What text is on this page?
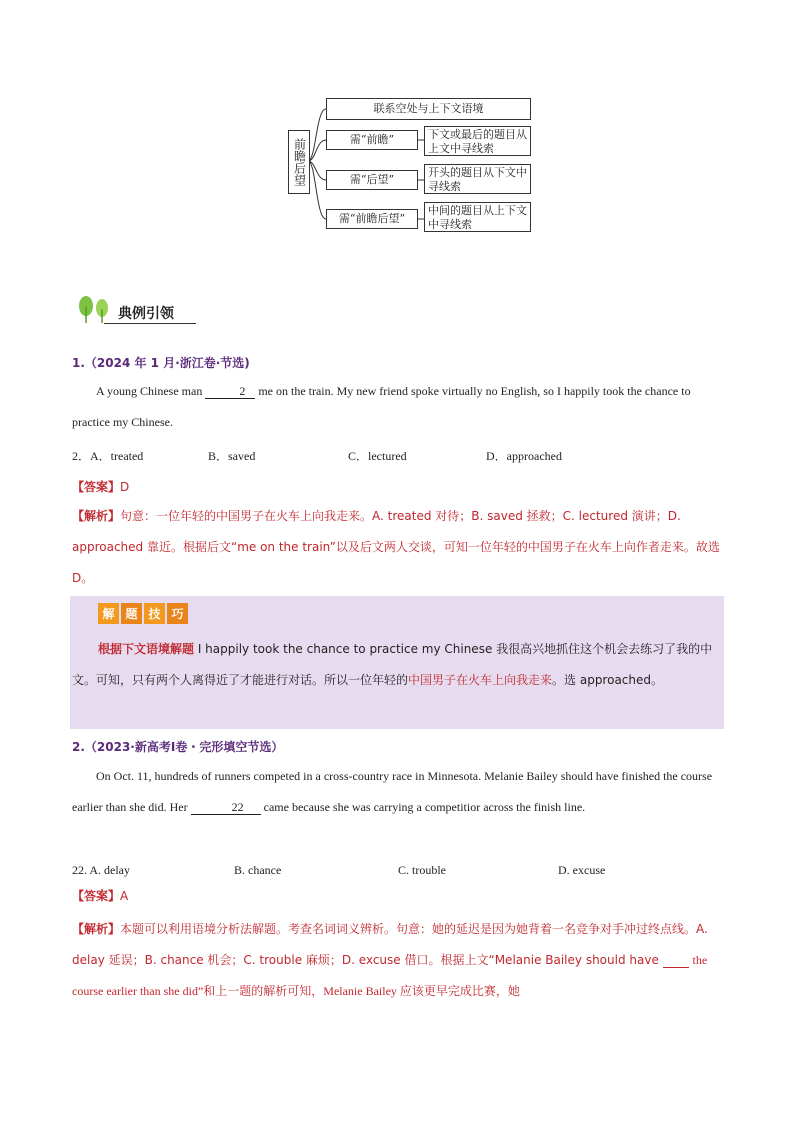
前瞻后望
联系空处与上下文语境
需“前瞻”
需“后望”
需“前瞻后望”
下文或最后的题目从上文中寻线索
开头的题目从下文中寻线索
中间的题目从上下文中寻线索
典例引领
1.（2024 年 1 月·浙江卷·节选)
A young Chinese man	2 me on the train. My new friend spoke virtually no English, so I happily took the chance to practice my Chinese.
2．A．treated	B．saved	C．lectured	D．approached
【答案】D
【解析】句意：一位年轻的中国男子在火车上向我走来。A. treated 对待；B. saved 拯救；C. lectured 演讲；D. approached 靠近。根据后文“me on the train”以及后文两人交谈，可知一位年轻的中国男子在火车上向作者走来。故选 D。
解 题 技 巧
根据下文语境解题 I happily took the chance to practice my Chinese 我很高兴地抓住这个机会去练习了我的中文。可知，只有两个人离得近了才能进行对话。所以一位年轻的中国男子在火车上向我走来。选 approached。
2.（2023·新高考Ⅰ卷・完形填空节选）
On Oct. 11, hundreds of runners competed in a cross-country race in Minnesota. Melanie Bailey should have finished the course earlier than she did. Her	22 came because she was carrying a competitior across the finish line.
22. A. delay	B. chance	C. trouble	D. excuse
【答案】A
【解析】本题可以利用语境分析法解题。考查名词词义辨析。句意：她的延迟是因为她背着一名竞争对手冲过终点线。A. delay 延误；B. chance 机会；C. trouble 麻烦；D. excuse 借口。根据上文“Melanie Bailey should have	the course earlier than she did”和上一题的解析可知，Melanie Bailey 应该更早完成比赛，她
